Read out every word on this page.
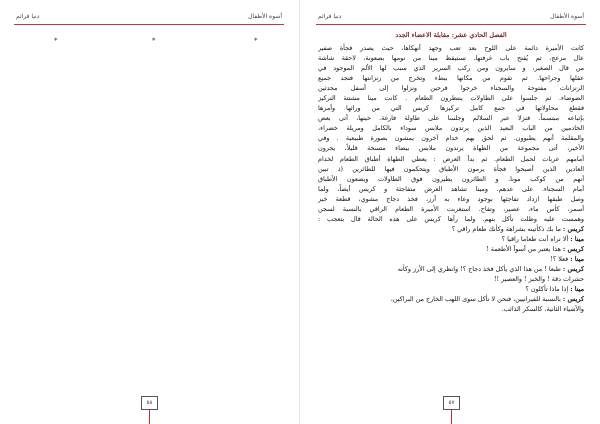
دنيا قرائم	أسوة الأطفال
*	*	*
٥٨
دنيا قرائم	أسوة الأطفال
الفصل الحادي عشر: مقابلة الاعضاء الجدد
كانت الأميرة دائمة على اللوح بعد تعب وجهد أنهكاها، حيث يصدر فجأة صفير
عال مزعج، ثم يُفتح باب غرفتها. تستيقظ مينا من نومها بصعوبة، لاحقة شاشة
من قال الصغير، و سايرون ومن ركب السرير الذي سبب لها الألم الموجود في
عقلها وجراحها. ثم تقوم من مكانها ببطء وتخرج من زنزانتها فتجد جميع
الزنزانات مفتوحة والسجناء خرجوا فرحين ونزلوا إلى أسفل محدثين
الضوضاء. ثم جلسوا على الطاولات ينتظرون الطعام . كانت مينا مشتتة التركيز
فقطع محاولاتها في جمع كامل تركيزها كريس التي من ورائها وأمرها
بإتباعه مبتسماً. فنزلا عبر السلالم وجلسا على طاولة فارغة. حينها، أتى بعض
الخادمين من الباب البعيد الذين يرتدون ملابس سوداء بالكامل ومريلة خضراء،
والمقلمة أنهم يطبوون. ثم لحق بهم خدام آخرون يمشون بصورة طبيعية . وفي
الأخير، أتى مجموعة من الطهاة يرتدون ملابس بيضاء متسخة قليلاً، يجرون
أمامهم عربات لحمل الطعام. ثم بدأ العرض : يعطي الطهاة أطباق الطعام لخدام
العادين الذين أصبحوا فجأة يرمون الأطباق ويتحكمون فيها للطائرين (ذ تبين
أنهم من كوكب مونا. و الطائرون يطيرون فوق الطاولات ويضعون الأطباق
أمام السجناء. على عدهم. ومينا تشاهد العرض متفاجئة و كريس أيضاً، ولما
وصل طبقها ازداد تفاجئها بوجود وعاء به أرز، فخذ دجاج مشوي، قطعة خبز
أسمر، كأس ماء، عصير، وتفاح. استغربت الأميرة الطعام الراقي بالنسبة لسجن
وهمست عليه وظلت تأكل بنهم. ولما رآها كريس على هذه الحالة قال بتعجب :
كريس : ما بك ذكأتينه بشراهة وكأنك طعام راقي ؟
مينا : ألا تراه أنت طعاما راقيا ؟
كريس : هذا يعتبر من أسوأ الأطعمة !
مينا : فعلا ؟!
كريس : طبعا ! من هذا الذي يأكل فخذ دجاج ؟! وانظري إلى الأرز وكأنه
حشرات دقة ! والخبز ! والعصير !!
مينا : إذا ماذا تأكلون ؟
كريس : بالنسبة للفيرانيين، فنحن لا نأكل سوى اللهب الخارج من البراكين،
والأشياء الثانية، كالسكر الذائب.
٥٧
